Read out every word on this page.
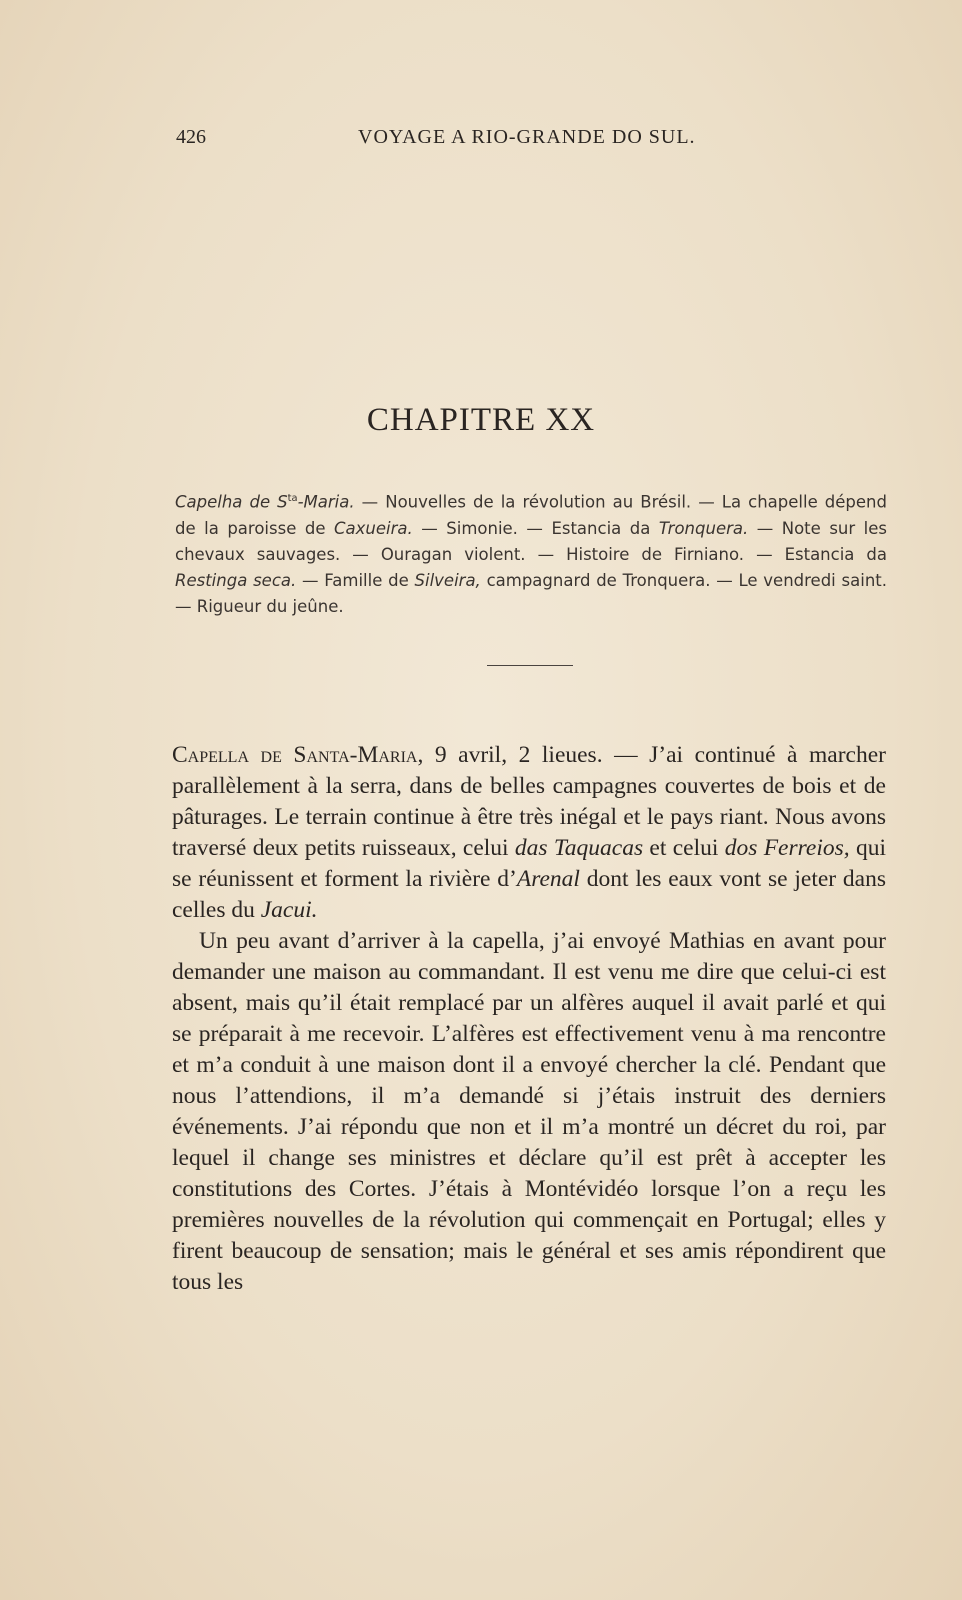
426	VOYAGE A RIO-GRANDE DO SUL.
CHAPITRE XX

Capelha de $S^{ta}$-Maria. — Nouvelles de la révolution au Brésil. — La chapelle dépend de la paroisse de Caxueira. — Simonie. — Estancia da Tronquera. — Note sur les chevaux sauvages. — Ouragan violent. — Histoire de Firniano. — Estancia da Restinga seca. — Famille de Silveira, campagnard de Tronquera. — Le vendredi saint. — Rigueur du jeûne.

Capella de Santa-Maria, 9 avril, 2 lieues. — J’ai continué à marcher parallèlement à la serra, dans de belles campagnes couvertes de bois et de pâturages. Le terrain continue à être très inégal et le pays riant. Nous avons traversé deux petits ruisseaux, celui das Taquacas et celui dos Ferreios, qui se réunissent et forment la rivière d’Arenal dont les eaux vont se jeter dans celles du Jacui.

Un peu avant d’arriver à la capella, j’ai envoyé Mathias en avant pour demander une maison au commandant. Il est venu me dire que celui-ci est absent, mais qu’il était remplacé par un alfères auquel il avait parlé et qui se préparait à me recevoir. L’alfères est effectivement venu à ma rencontre et m’a conduit à une maison dont il a envoyé chercher la clé. Pendant que nous l’attendions, il m’a demandé si j’étais instruit des derniers événements. J’ai répondu que non et il m’a montré un décret du roi, par lequel il change ses ministres et déclare qu’il est prêt à accepter les constitutions des Cortes. J’étais à Montévidéo lorsque l’on a reçu les premières nouvelles de la révolution qui commençait en Portugal; elles y firent beaucoup de sensation; mais le général et ses amis répondirent que tous les
